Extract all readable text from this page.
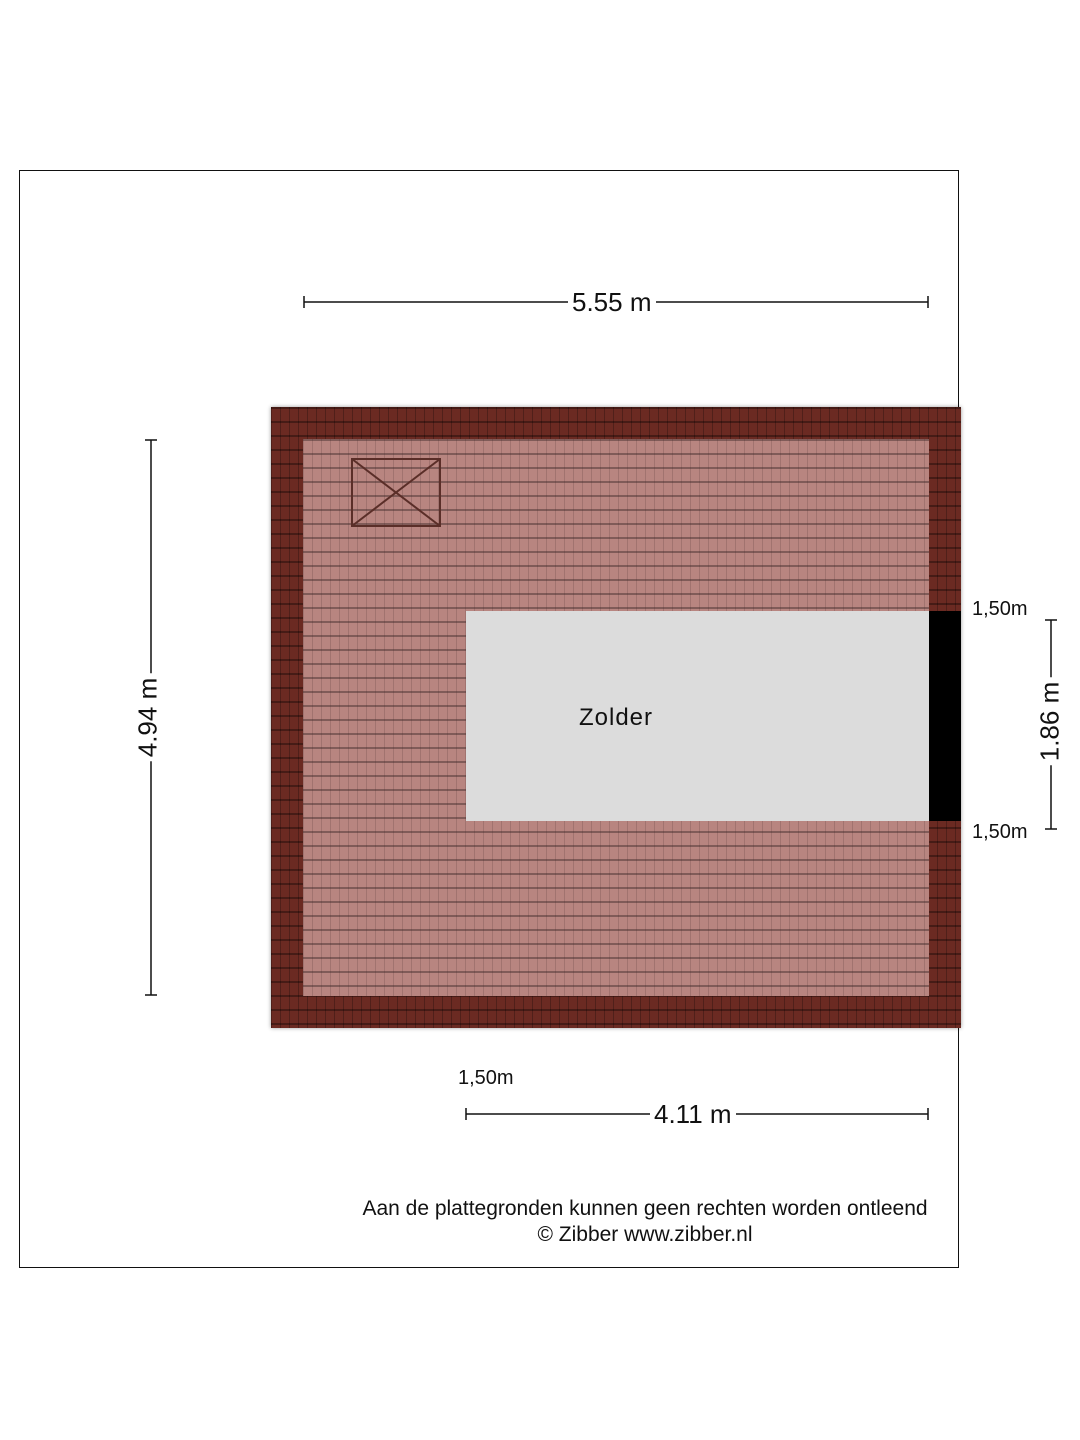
Zolder
5.55 m
4.94 m	1.86 m
4.11 m
1,50m
1,50m
1,50m
Aan de plattegronden kunnen geen rechten worden ontleend
© Zibber www.zibber.nl
